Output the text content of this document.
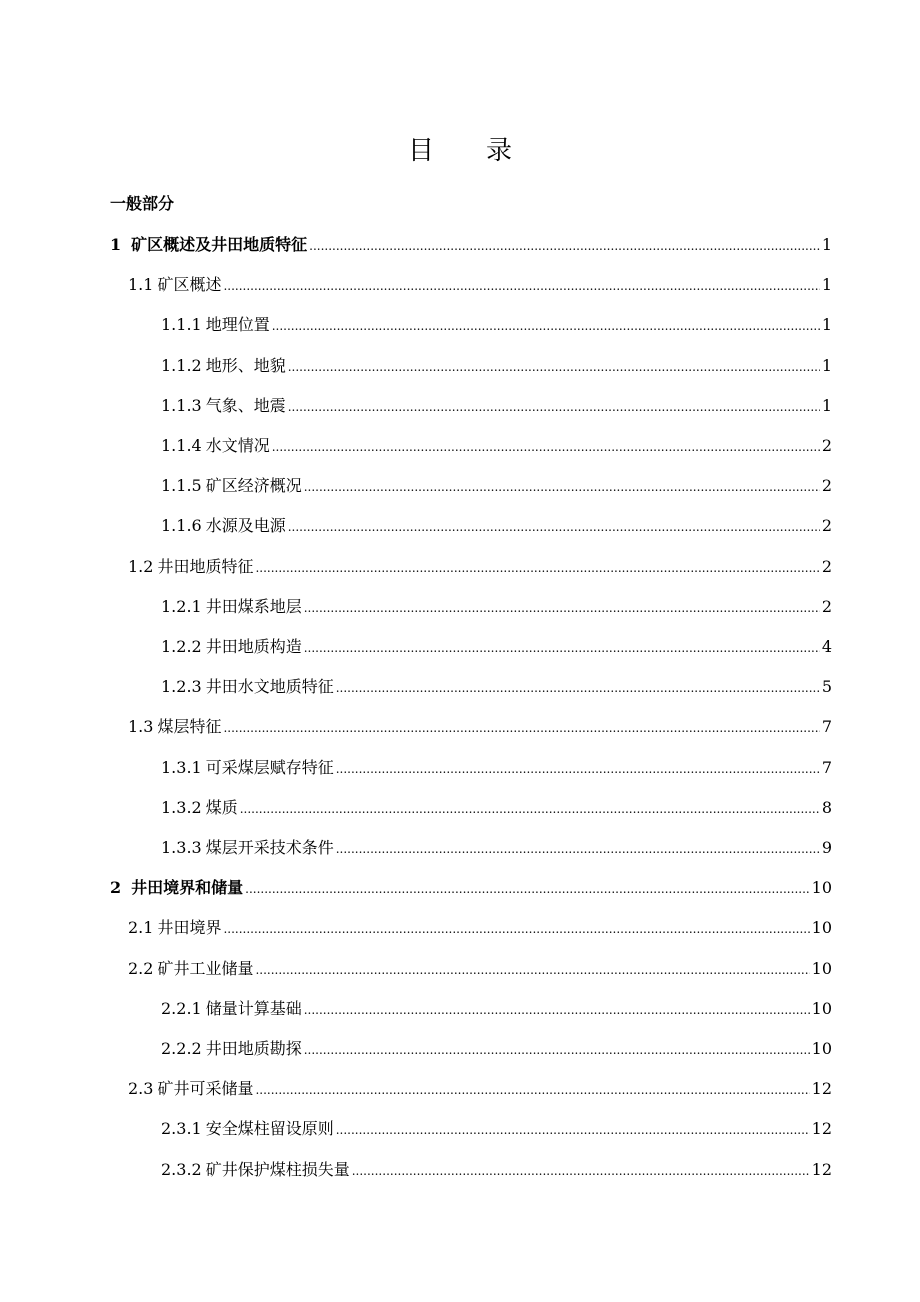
目　　录
一般部分
1 矿区概述及井田地质特征 .....	1
1.1 矿区概述 .....	1
1.1.1 地理位置 .....	1
1.1.2 地形、地貌 .....	1
1.1.3 气象、地震 .....	1
1.1.4 水文情况 .....	2
1.1.5 矿区经济概况 .....	2
1.1.6 水源及电源 .....	2
1.2 井田地质特征 .....	2
1.2.1 井田煤系地层 .....	2
1.2.2 井田地质构造 .....	4
1.2.3 井田水文地质特征 .....	5
1.3 煤层特征 .....	7
1.3.1 可采煤层赋存特征 .....	7
1.3.2 煤质 .....	8
1.3.3 煤层开采技术条件 .....	9
2 井田境界和储量 .....	10
2.1 井田境界 .....	10
2.2 矿井工业储量 .....	10
2.2.1 储量计算基础 .....	10
2.2.2 井田地质勘探 .....	10
2.3 矿井可采储量 .....	12
2.3.1 安全煤柱留设原则 .....	12
2.3.2 矿井保护煤柱损失量 .....	12
